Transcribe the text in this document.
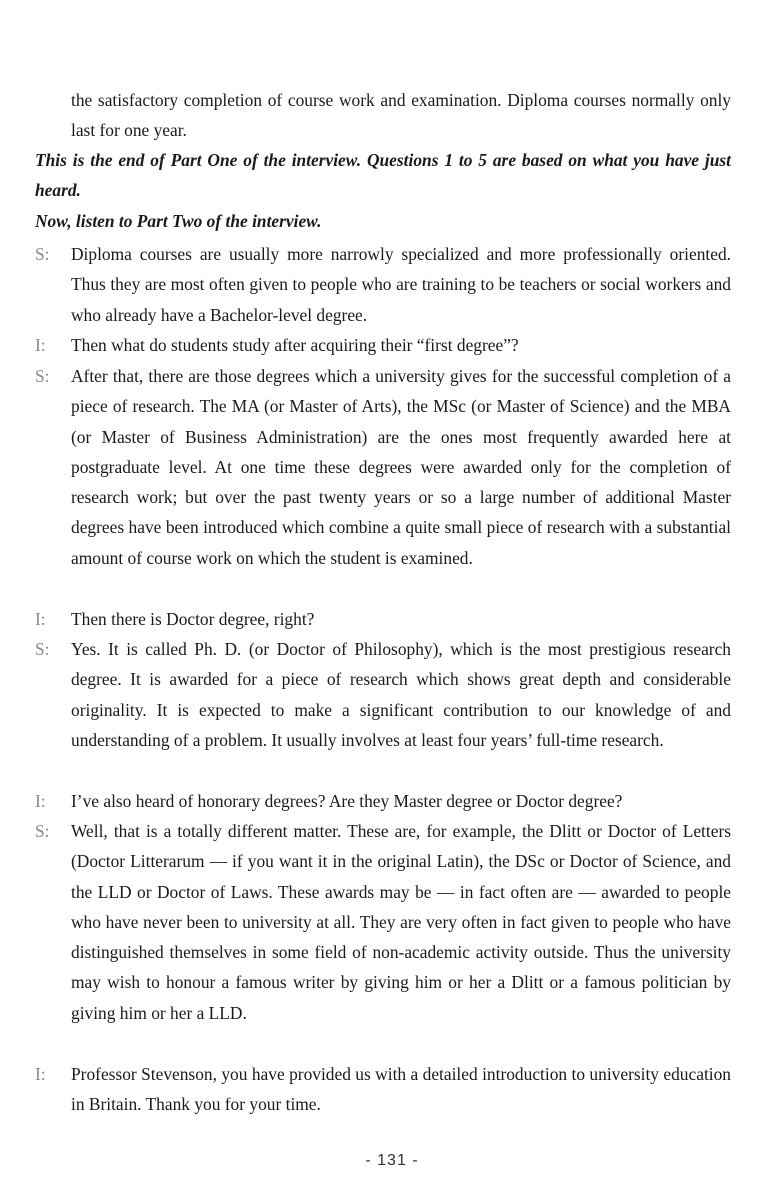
the satisfactory completion of course work and examination. Diploma courses normally only last for one year.

This is the end of Part One of the interview. Questions 1 to 5 are based on what you have just heard.

Now, listen to Part Two of the interview.

S: Diploma courses are usually more narrowly specialized and more professionally oriented. Thus they are most often given to people who are training to be teachers or social workers and who already have a Bachelor-level degree.

I: Then what do students study after acquiring their “first degree”?

S: After that, there are those degrees which a university gives for the successful completion of a piece of research. The MA (or Master of Arts), the MSc (or Master of Science) and the MBA (or Master of Business Administration) are the ones most frequently awarded here at postgraduate level. At one time these degrees were awarded only for the completion of research work; but over the past twenty years or so a large number of additional Master degrees have been introduced which combine a quite small piece of research with a substantial amount of course work on which the student is examined.

I: Then there is Doctor degree, right?

S: Yes. It is called Ph. D. (or Doctor of Philosophy), which is the most prestigious research degree. It is awarded for a piece of research which shows great depth and considerable originality. It is expected to make a significant contribution to our knowledge of and understanding of a problem. It usually involves at least four years’ full-time research.

I: I’ve also heard of honorary degrees? Are they Master degree or Doctor degree?

S: Well, that is a totally different matter. These are, for example, the Dlitt or Doctor of Letters (Doctor Litterarum — if you want it in the original Latin), the DSc or Doctor of Science, and the LLD or Doctor of Laws. These awards may be — in fact often are — awarded to people who have never been to university at all. They are very often in fact given to people who have distinguished themselves in some field of non-academic activity outside. Thus the university may wish to honour a famous writer by giving him or her a Dlitt or a famous politician by giving him or her a LLD.

I: Professor Stevenson, you have provided us with a detailed introduction to university education in Britain. Thank you for your time.

- 131 -
